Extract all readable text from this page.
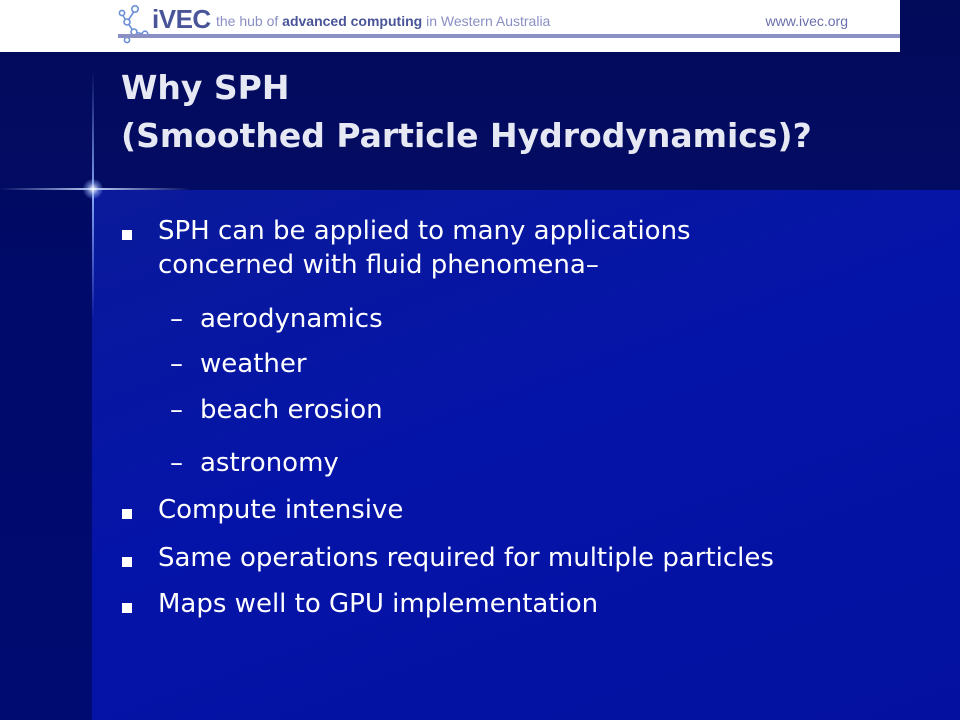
iVEC the hub of advanced computing in Western Australia	www.ivec.org
Why SPH
(Smoothed Particle Hydrodynamics)?
SPH can be applied to many applications
concerned with fluid phenomena–
– aerodynamics
– weather
– beach erosion
– astronomy
Compute intensive
Same operations required for multiple particles
Maps well to GPU implementation
